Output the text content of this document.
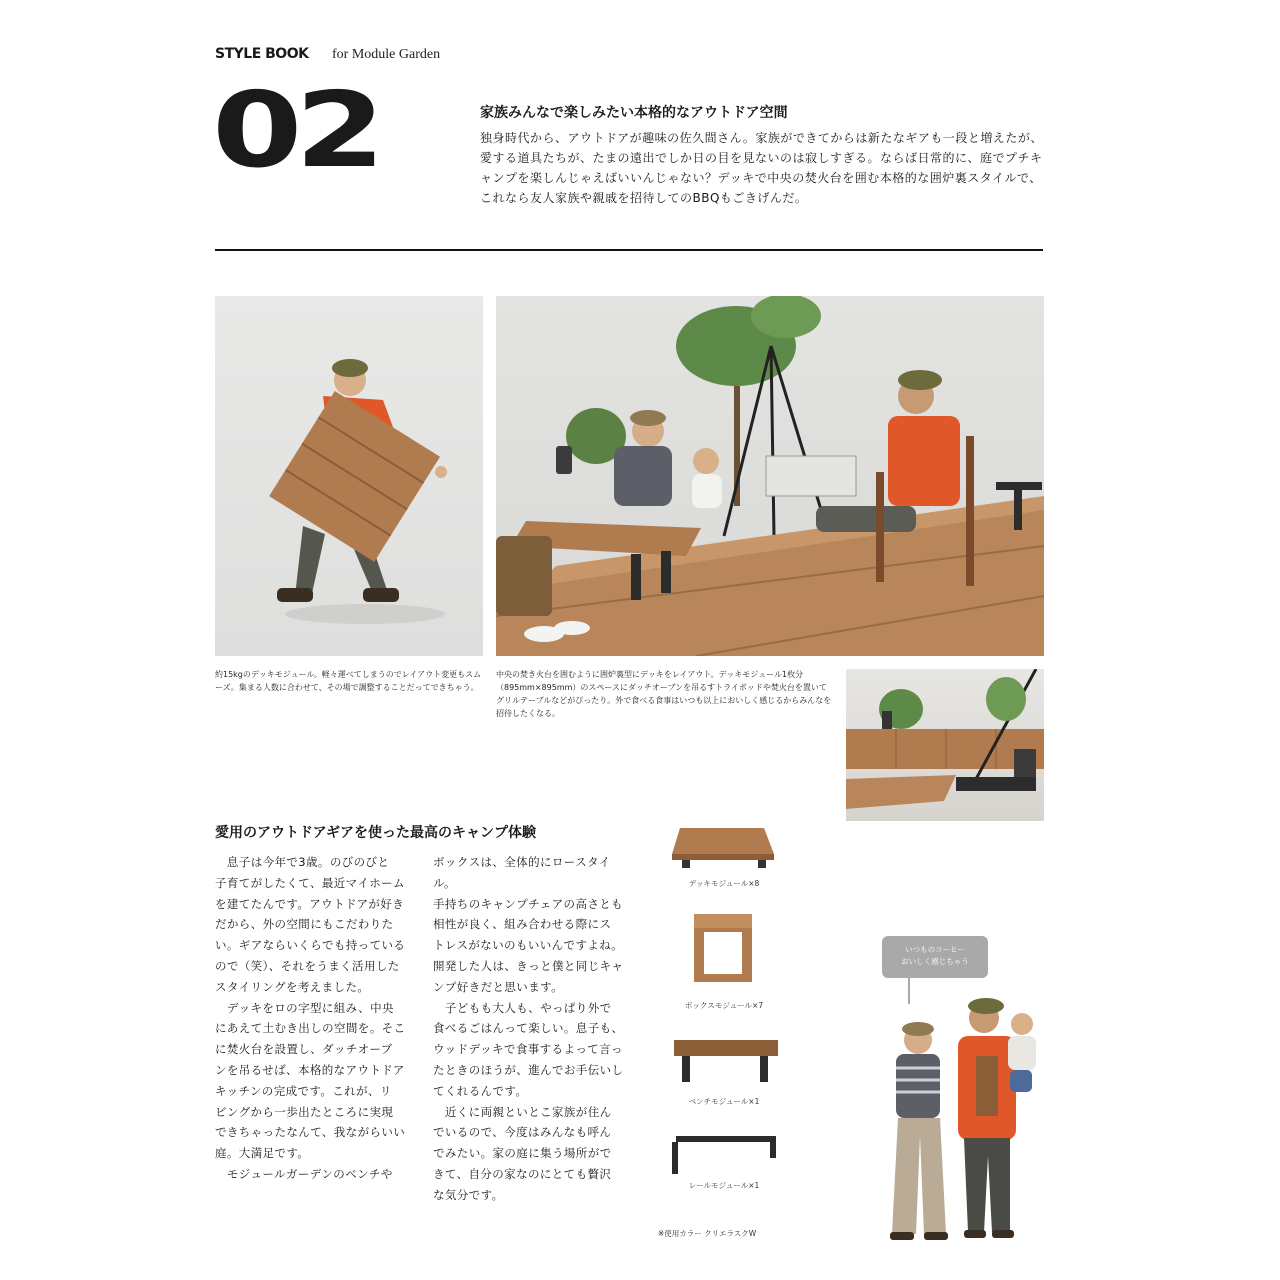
STYLE BOOK for Module Garden
02	家族みんなで楽しみたい本格的なアウトドア空間
独身時代から、アウトドアが趣味の佐久間さん。家族ができてからは新たなギアも一段と増えたが、愛する道具たちが、たまの遠出でしか日の目を見ないのは寂しすぎる。ならば日常的に、庭でプチキャンプを楽しんじゃえばいいんじゃない？デッキで中央の焚火台を囲む本格的な囲炉裏スタイルで、これなら友人家族や親戚を招待してのBBQもごきげんだ。
約15kgのデッキモジュール。軽々運べてしまうのでレイアウト変更もスムーズ。集まる人数に合わせて、その場で調整することだってできちゃう。
中央の焚き火台を囲むように囲炉裏型にデッキをレイアウト。デッキモジュール1枚分（895mm×895mm）のスペースにダッチオーブンを吊るすトライポッドや焚火台を置いてグリルテーブルなどがぴったり。外で食べる食事はいつも以上においしく感じるからみんなを招待したくなる。
愛用のアウトドアギアを使った最高のキャンプ体験
　息子は今年で3歳。のびのびと
子育てがしたくて、最近マイホーム
を建てたんです。アウトドアが好き
だから、外の空間にもこだわりた
い。ギアならいくらでも持っている
ので（笑）、それをうまく活用した
スタイリングを考えました。
　デッキをロの字型に組み、中央
にあえて土むき出しの空間を。そこ
に焚火台を設置し、ダッチオーブ
ンを吊るせば、本格的なアウトドア
キッチンの完成です。これが、リ
ビングから一歩出たところに実現
できちゃったなんて、我ながらいい
庭。大満足です。
　モジュールガーデンのベンチや
ボックスは、全体的にロースタイル。
手持ちのキャンプチェアの高さとも
相性が良く、組み合わせる際にス
トレスがないのもいいんですよね。
開発した人は、きっと僕と同じキャ
ンプ好きだと思います。
　子どもも大人も、やっぱり外で
食べるごはんって楽しい。息子も、
ウッドデッキで食事するよって言っ
たときのほうが、進んでお手伝いし
てくれるんです。
　近くに両親といとこ家族が住ん
でいるので、今度はみんなも呼ん
でみたい。家の庭に集う場所がで
きて、自分の家なのにとても贅沢
な気分です。
デッキモジュール×8
ボックスモジュール×7
ベンチモジュール×1
レールモジュール×1
※使用カラー クリエラスクW
いつものコーヒー
おいしく感じちゃう
